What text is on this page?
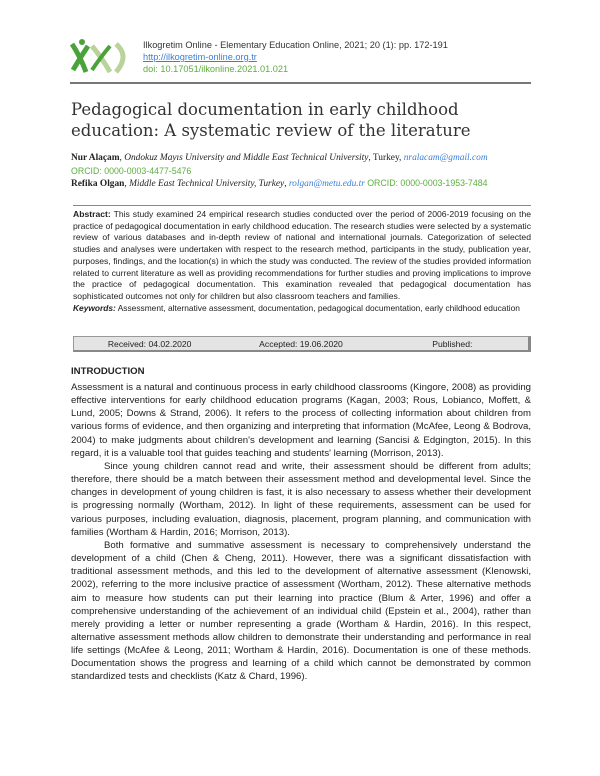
Ilkogretim Online - Elementary Education Online, 2021; 20 (1): pp. 172-191
http://ilkogretim-online.org.tr
doi: 10.17051/ilkonline.2021.01.021
Pedagogical documentation in early childhood education: A systematic review of the literature
Nur Alaçam, Ondokuz Mayıs University and Middle East Technical University, Turkey, nralacam@gmail.com
ORCID: 0000-0003-4477-5476
Refika Olgan, Middle East Technical University, Turkey, rolgan@metu.edu.tr ORCID: 0000-0003-1953-7484
Abstract: This study examined 24 empirical research studies conducted over the period of 2006-2019 focusing on the practice of pedagogical documentation in early childhood education. The research studies were selected by a systematic review of various databases and in-depth review of national and international journals. Categorization of selected studies and analyses were undertaken with respect to the research method, participants in the study, publication year, purposes, findings, and the location(s) in which the study was conducted. The review of the studies provided information related to current literature as well as providing recommendations for further studies and proving implications to improve the practice of pedagogical documentation. This examination revealed that pedagogical documentation has sophisticated outcomes not only for children but also classroom teachers and families.
Keywords: Assessment, alternative assessment, documentation, pedagogical documentation, early childhood education
Received: 04.02.2020	Accepted: 19.06.2020	Published:
INTRODUCTION

Assessment is a natural and continuous process in early childhood classrooms (Kingore, 2008) as providing effective interventions for early childhood education programs (Kagan, 2003; Rous, Lobianco, Moffett, & Lund, 2005; Downs & Strand, 2006). It refers to the process of collecting information about children from various forms of evidence, and then organizing and interpreting that information (McAfee, Leong & Bodrova, 2004) to make judgments about children's development and learning (Sancisi & Edgington, 2015). In this regard, it is a valuable tool that guides teaching and students' learning (Morrison, 2013).

Since young children cannot read and write, their assessment should be different from adults; therefore, there should be a match between their assessment method and developmental level. Since the changes in development of young children is fast, it is also necessary to assess whether their development is progressing normally (Wortham, 2012). In light of these requirements, assessment can be used for various purposes, including evaluation, diagnosis, placement, program planning, and communication with families (Wortham & Hardin, 2016; Morrison, 2013).

Both formative and summative assessment is necessary to comprehensively understand the development of a child (Chen & Cheng, 2011). However, there was a significant dissatisfaction with traditional assessment methods, and this led to the development of alternative assessment (Klenowski, 2002), referring to the more inclusive practice of assessment (Wortham, 2012). These alternative methods aim to measure how students can put their learning into practice (Blum & Arter, 1996) and offer a comprehensive understanding of the achievement of an individual child (Epstein et al., 2004), rather than merely providing a letter or number representing a grade (Wortham & Hardin, 2016). In this respect, alternative assessment methods allow children to demonstrate their understanding and performance in real life settings (McAfee & Leong, 2011; Wortham & Hardin, 2016). Documentation is one of these methods. Documentation shows the progress and learning of a child which cannot be demonstrated by common standardized tests and checklists (Katz & Chard, 1996).
